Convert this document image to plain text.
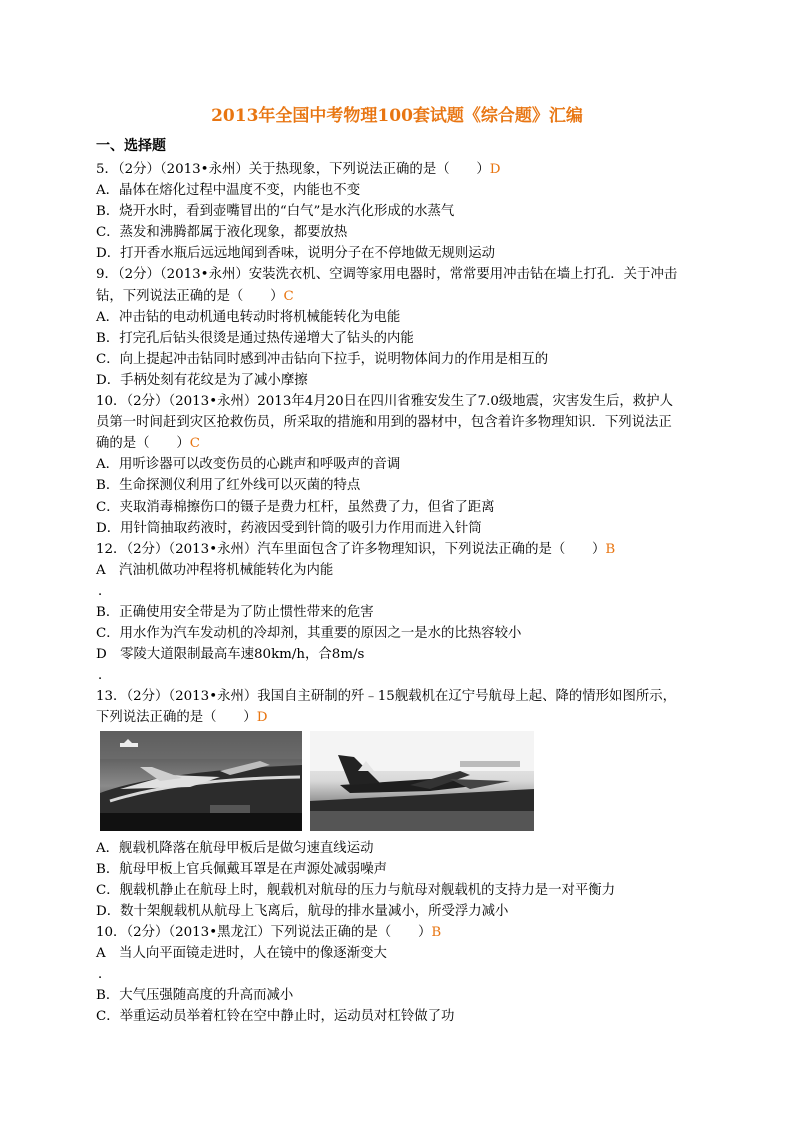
2013年全国中考物理100套试题《综合题》汇编
一、选择题
5．（2分）（2013•永州）关于热现象，下列说法正确的是（　　）D
A．晶体在熔化过程中温度不变，内能也不变
B．烧开水时，看到壶嘴冒出的“白气”是水汽化形成的水蒸气
C．蒸发和沸腾都属于液化现象，都要放热
D．打开香水瓶后远远地闻到香味，说明分子在不停地做无规则运动
9．（2分）（2013•永州）安装洗衣机、空调等家用电器时，常常要用冲击钻在墙上打孔．关于冲击
钻，下列说法正确的是（　　）C
A．冲击钻的电动机通电转动时将机械能转化为电能
B．打完孔后钻头很烫是通过热传递增大了钻头的内能
C．向上提起冲击钻同时感到冲击钻向下拉手，说明物体间力的作用是相互的
D．手柄处刻有花纹是为了减小摩擦
10．（2分）（2013•永州）2013年4月20日在四川省雅安发生了7.0级地震，灾害发生后，救护人
员第一时间赶到灾区抢救伤员，所采取的措施和用到的器材中，包含着许多物理知识．下列说法正
确的是（　　）C
A．用听诊器可以改变伤员的心跳声和呼吸声的音调
B．生命探测仪利用了红外线可以灭菌的特点
C．夹取消毒棉擦伤口的镊子是费力杠杆，虽然费了力，但省了距离
D．用针筒抽取药液时，药液因受到针筒的吸引力作用而进入针筒
12．（2分）（2013•永州）汽车里面包含了许多物理知识，下列说法正确的是（　　）B
A　汽油机做功冲程将机械能转化为内能
．
B．正确使用安全带是为了防止惯性带来的危害
C．用水作为汽车发动机的冷却剂，其重要的原因之一是水的比热容较小
D　零陵大道限制最高车速80km/h，合8m/s
．
13．（2分）（2013•永州）我国自主研制的歼﹣15舰载机在辽宁号航母上起、降的情形如图所示，
下列说法正确的是（　　）D
A．舰载机降落在航母甲板后是做匀速直线运动
B．航母甲板上官兵佩戴耳罩是在声源处减弱噪声
C．舰载机静止在航母上时，舰载机对航母的压力与航母对舰载机的支持力是一对平衡力
D．数十架舰载机从航母上飞离后，航母的排水量减小，所受浮力减小
10．（2分）（2013•黑龙江）下列说法正确的是（　　）B
A　当人向平面镜走进时，人在镜中的像逐渐变大
．
B．大气压强随高度的升高而减小
C．举重运动员举着杠铃在空中静止时，运动员对杠铃做了功
